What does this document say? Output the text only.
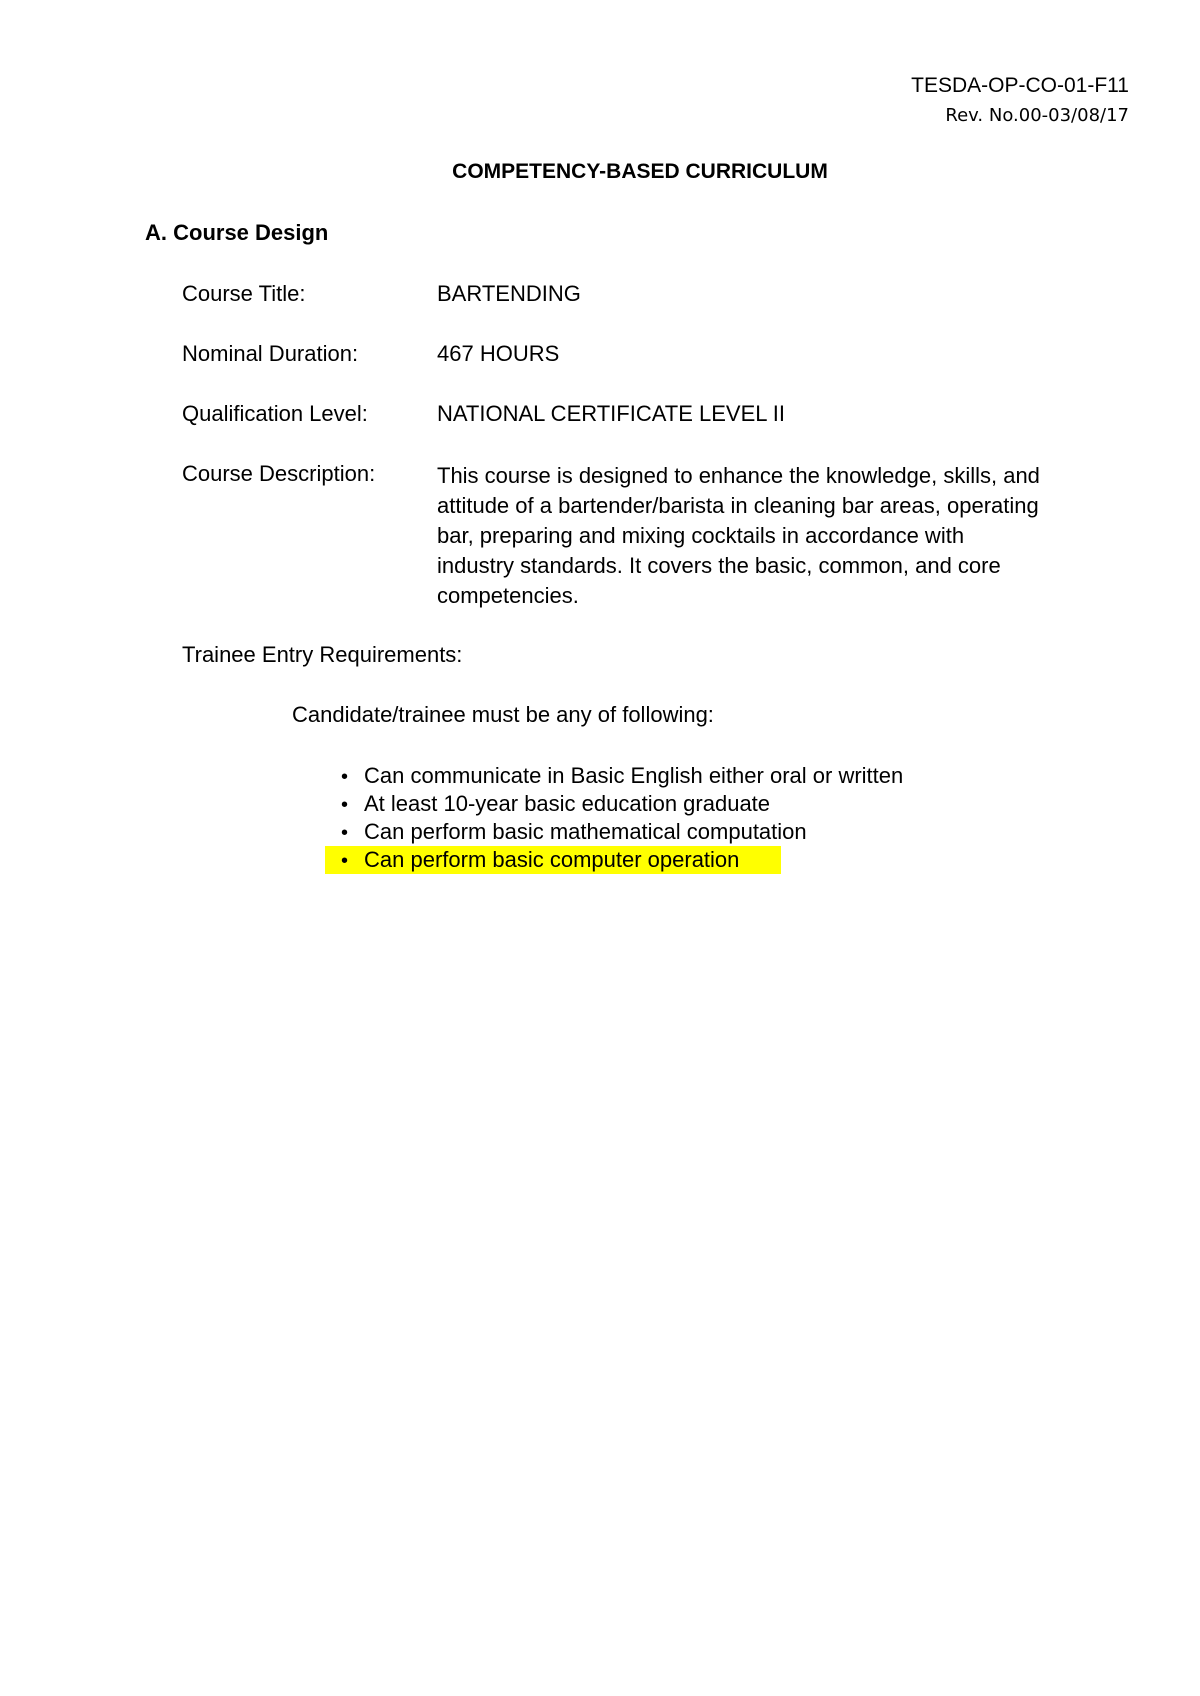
TESDA-OP-CO-01-F11
Rev. No.00-03/08/17
COMPETENCY-BASED CURRICULUM
A. Course Design
Course Title:	BARTENDING
Nominal Duration:	467 HOURS
Qualification Level:	NATIONAL CERTIFICATE LEVEL II
Course Description:	This course is designed to enhance the knowledge, skills, and
attitude of a bartender/barista in cleaning bar areas, operating
bar, preparing and mixing cocktails in accordance with
industry standards. It covers the basic, common, and core
competencies.
Trainee Entry Requirements:
Candidate/trainee must be any of following:
• Can communicate in Basic English either oral or written
• At least 10-year basic education graduate
• Can perform basic mathematical computation
• Can perform basic computer operation
